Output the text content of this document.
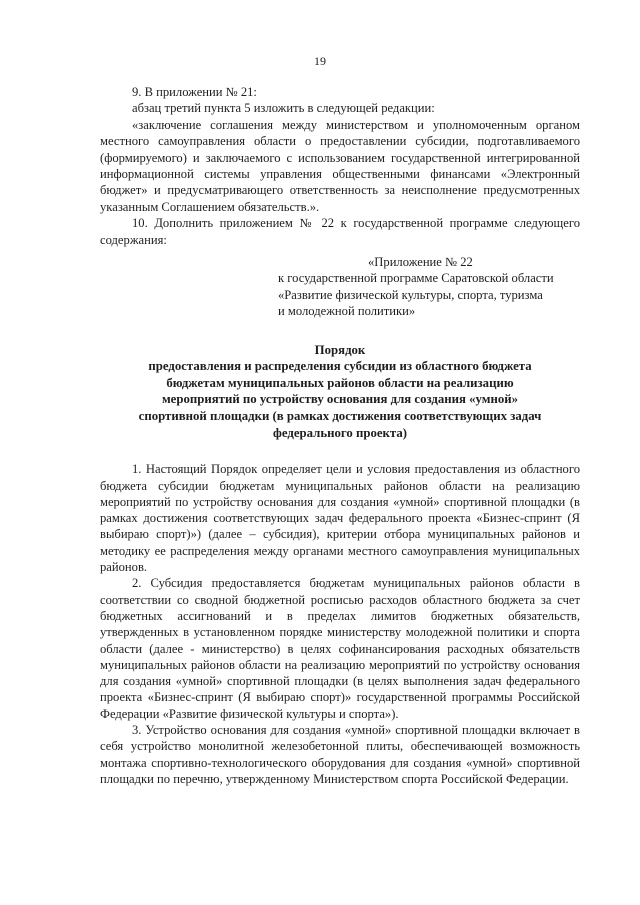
19

9. В приложении № 21:

абзац третий пункта 5 изложить в следующей редакции:

«заключение соглашения между министерством и уполномоченным органом местного самоуправления области о предоставлении субсидии, подготавливаемого (формируемого) и заключаемого с использованием государственной интегрированной информационной системы управления общественными финансами «Электронный бюджет» и предусматривающего ответственность за неисполнение предусмотренных указанным Соглашением обязательств.».

10. Дополнить приложением № 22 к государственной программе следующего содержания:

«Приложение № 22
к государственной программе Саратовской области
«Развитие физической культуры, спорта, туризма
и молодежной политики»
Порядок
предоставления и распределения субсидии из областного бюджета
бюджетам муниципальных районов области на реализацию
мероприятий по устройству основания для создания «умной»
спортивной площадки (в рамках достижения соответствующих задач
федерального проекта)

1. Настоящий Порядок определяет цели и условия предоставления из областного бюджета субсидии бюджетам муниципальных районов области на реализацию мероприятий по устройству основания для создания «умной» спортивной площадки (в рамках достижения соответствующих задач федерального проекта «Бизнес-спринт (Я выбираю спорт)») (далее – субсидия), критерии отбора муниципальных районов и методику ее распределения между органами местного самоуправления муниципальных районов.

2. Субсидия предоставляется бюджетам муниципальных районов области в соответствии со сводной бюджетной росписью расходов областного бюджета за счет бюджетных ассигнований и в пределах лимитов бюджетных обязательств, утвержденных в установленном порядке министерству молодежной политики и спорта области (далее - министерство) в целях софинансирования расходных обязательств муниципальных районов области на реализацию мероприятий по устройству основания для создания «умной» спортивной площадки (в целях выполнения задач федерального проекта «Бизнес-спринт (Я выбираю спорт)» государственной программы Российской Федерации «Развитие физической культуры и спорта»).

3. Устройство основания для создания «умной» спортивной площадки включает в себя устройство монолитной железобетонной плиты, обеспечивающей возможность монтажа спортивно-технологического оборудования для создания «умной» спортивной площадки по перечню, утвержденному Министерством спорта Российской Федерации.
